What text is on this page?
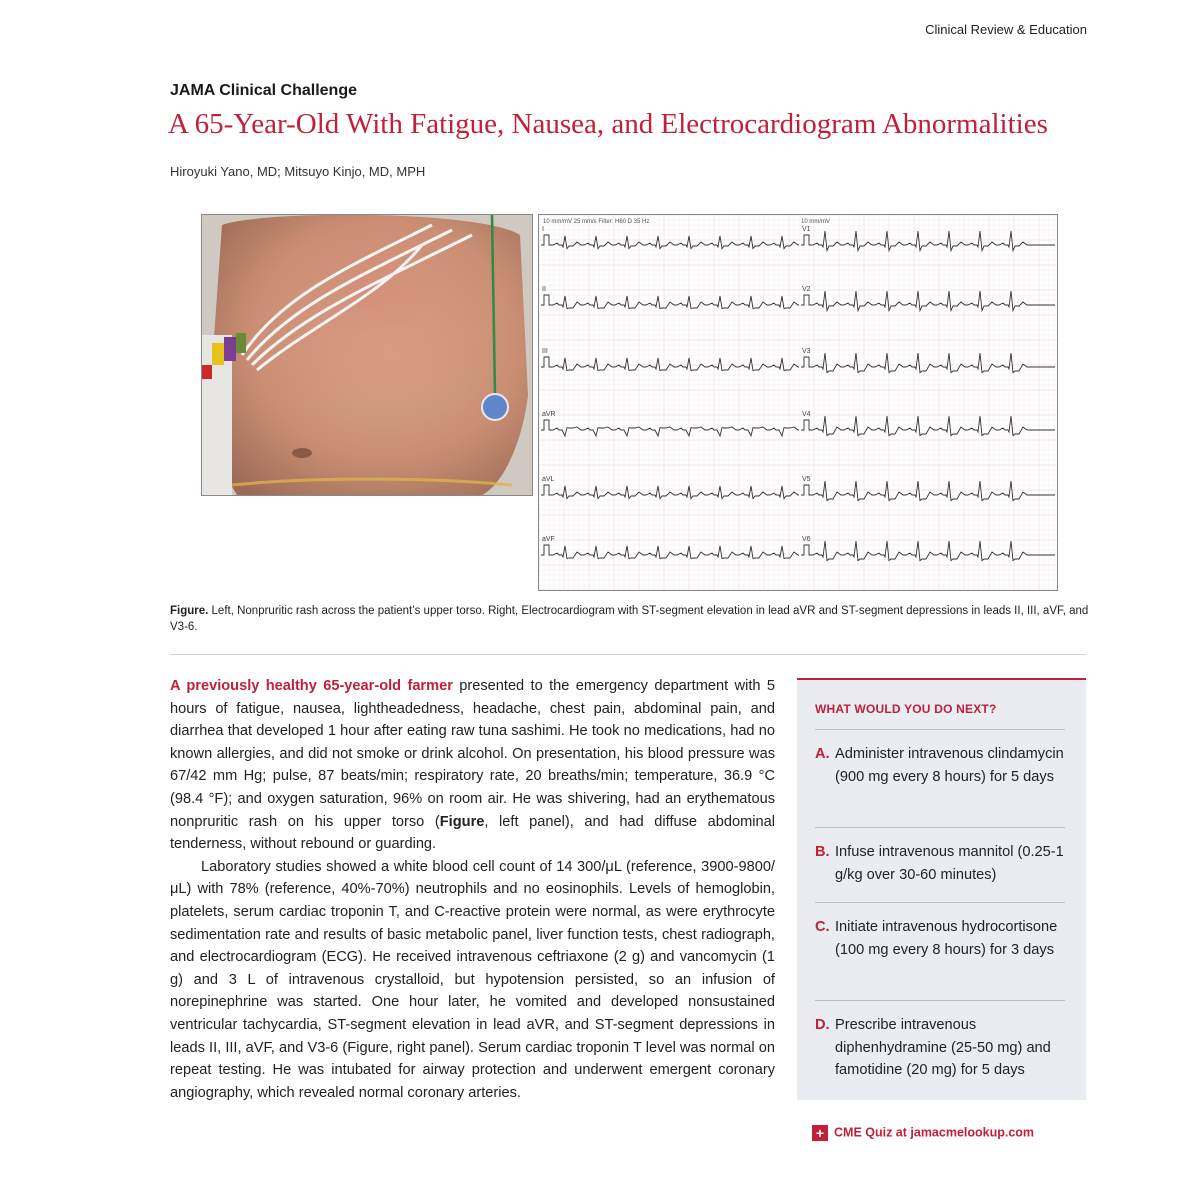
Clinical Review & Education
JAMA Clinical Challenge
A 65-Year-Old With Fatigue, Nausea, and Electrocardiogram Abnormalities
Hiroyuki Yano, MD; Mitsuyo Kinjo, MD, MPH
10 mm/mV 25 mm/s Filter: H60 D 35 Hz	10 mm/mV
I	V1
II	V2
III	V3
aVR	V4
aVL	V5
aVF	V6
Figure. Left, Nonpruritic rash across the patient’s upper torso. Right, Electrocardiogram with ST-segment elevation in lead aVR and ST-segment depressions in leads II, III, aVF, and V3-6.

A previously healthy 65-year-old farmer presented to the emergency department with 5 hours of fatigue, nausea, lightheadedness, headache, chest pain, abdominal pain, and diarrhea that developed 1 hour after eating raw tuna sashimi. He took no medications, had no known allergies, and did not smoke or drink alcohol. On presentation, his blood pressure was 67/42 mm Hg; pulse, 87 beats/min; respiratory rate, 20 breaths/min; temperature, 36.9 °C (98.4 °F); and oxygen saturation, 96% on room air. He was shivering, had an erythematous nonpruritic rash on his upper torso (Figure, left panel), and had diffuse abdominal tenderness, without rebound or guarding.

Laboratory studies showed a white blood cell count of 14 300/μL (reference, 3900-9800/μL) with 78% (reference, 40%-70%) neutrophils and no eosinophils. Levels of hemoglobin, platelets, serum cardiac troponin T, and C-reactive protein were normal, as were erythrocyte sedimentation rate and results of basic metabolic panel, liver function tests, chest radiograph, and electrocardiogram (ECG). He received intravenous ceftriaxone (2 g) and vancomycin (1 g) and 3 L of intravenous crystalloid, but hypotension persisted, so an infusion of norepinephrine was started. One hour later, he vomited and developed nonsustained ventricular tachycardia, ST-segment elevation in lead aVR, and ST-segment depressions in leads II, III, aVF, and V3-6 (Figure, right panel). Serum cardiac troponin T level was normal on repeat testing. He was intubated for airway protection and underwent emergent coronary angiography, which revealed normal coronary arteries.

WHAT WOULD YOU DO NEXT?
A. Administer intravenous clindamycin (900 mg every 8 hours) for 5 days
B. Infuse intravenous mannitol (0.25-1 g/kg over 30-60 minutes)
C. Initiate intravenous hydrocortisone (100 mg every 8 hours) for 3 days
D. Prescribe intravenous diphenhydramine (25-50 mg) and famotidine (20 mg) for 5 days
+ CME Quiz at jamacmelookup.com
